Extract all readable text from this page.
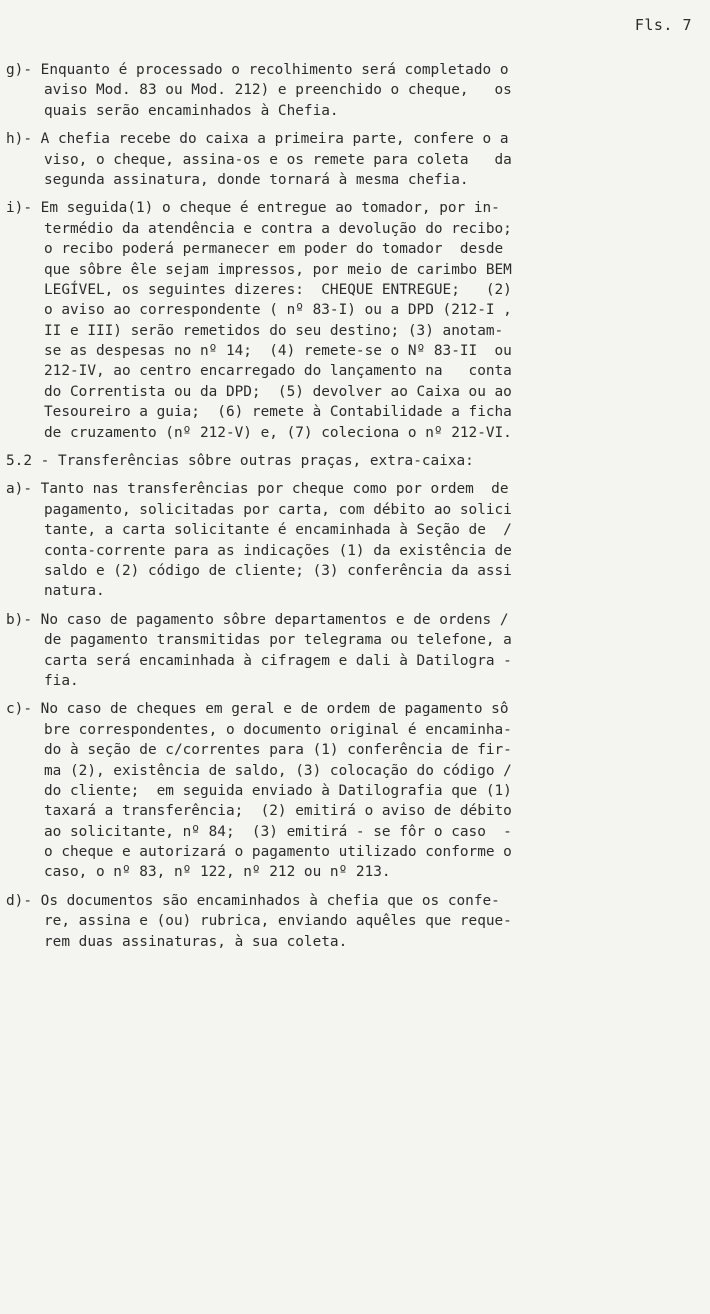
Fls. 7
g)- Enquanto é processado o recolhimento será completado o
aviso Mod. 83 ou Mod. 212) e preenchido o cheque,   os
quais serão encaminhados à Chefia.
h)- A chefia recebe do caixa a primeira parte, confere o a
viso, o cheque, assina-os e os remete para coleta   da
segunda assinatura, donde tornará à mesma chefia.
i)- Em seguida(1) o cheque é entregue ao tomador, por in-
termédio da atendência e contra a devolução do recibo;
o recibo poderá permanecer em poder do tomador  desde
que sôbre êle sejam impressos, por meio de carimbo BEM
LEGÍVEL, os seguintes dizeres:  CHEQUE ENTREGUE;   (2)
o aviso ao correspondente ( nº 83-I) ou a DPD (212-I ,
II e III) serão remetidos do seu destino; (3) anotam-
se as despesas no nº 14;  (4) remete-se o Nº 83-II  ou
212-IV, ao centro encarregado do lançamento na   conta
do Correntista ou da DPD;  (5) devolver ao Caixa ou ao
Tesoureiro a guia;  (6) remete à Contabilidade a ficha
de cruzamento (nº 212-V) e, (7) coleciona o nº 212-VI.
5.2 - Transferências sôbre outras praças, extra-caixa:
a)- Tanto nas transferências por cheque como por ordem  de
pagamento, solicitadas por carta, com débito ao solici
tante, a carta solicitante é encaminhada à Seção de  /
conta-corrente para as indicações (1) da existência de
saldo e (2) código de cliente; (3) conferência da assi
natura.
b)- No caso de pagamento sôbre departamentos e de ordens /
de pagamento transmitidas por telegrama ou telefone, a
carta será encaminhada à cifragem e dali à Datilogra -
fia.
c)- No caso de cheques em geral e de ordem de pagamento sô
bre correspondentes, o documento original é encaminha-
do à seção de c/correntes para (1) conferência de fir-
ma (2), existência de saldo, (3) colocação do código /
do cliente;  em seguida enviado à Datilografia que (1)
taxará a transferência;  (2) emitirá o aviso de débito
ao solicitante, nº 84;  (3) emitirá - se fôr o caso  -
o cheque e autorizará o pagamento utilizado conforme o
caso, o nº 83, nº 122, nº 212 ou nº 213.
d)- Os documentos são encaminhados à chefia que os confe-
re, assina e (ou) rubrica, enviando aquêles que reque-
rem duas assinaturas, à sua coleta.
